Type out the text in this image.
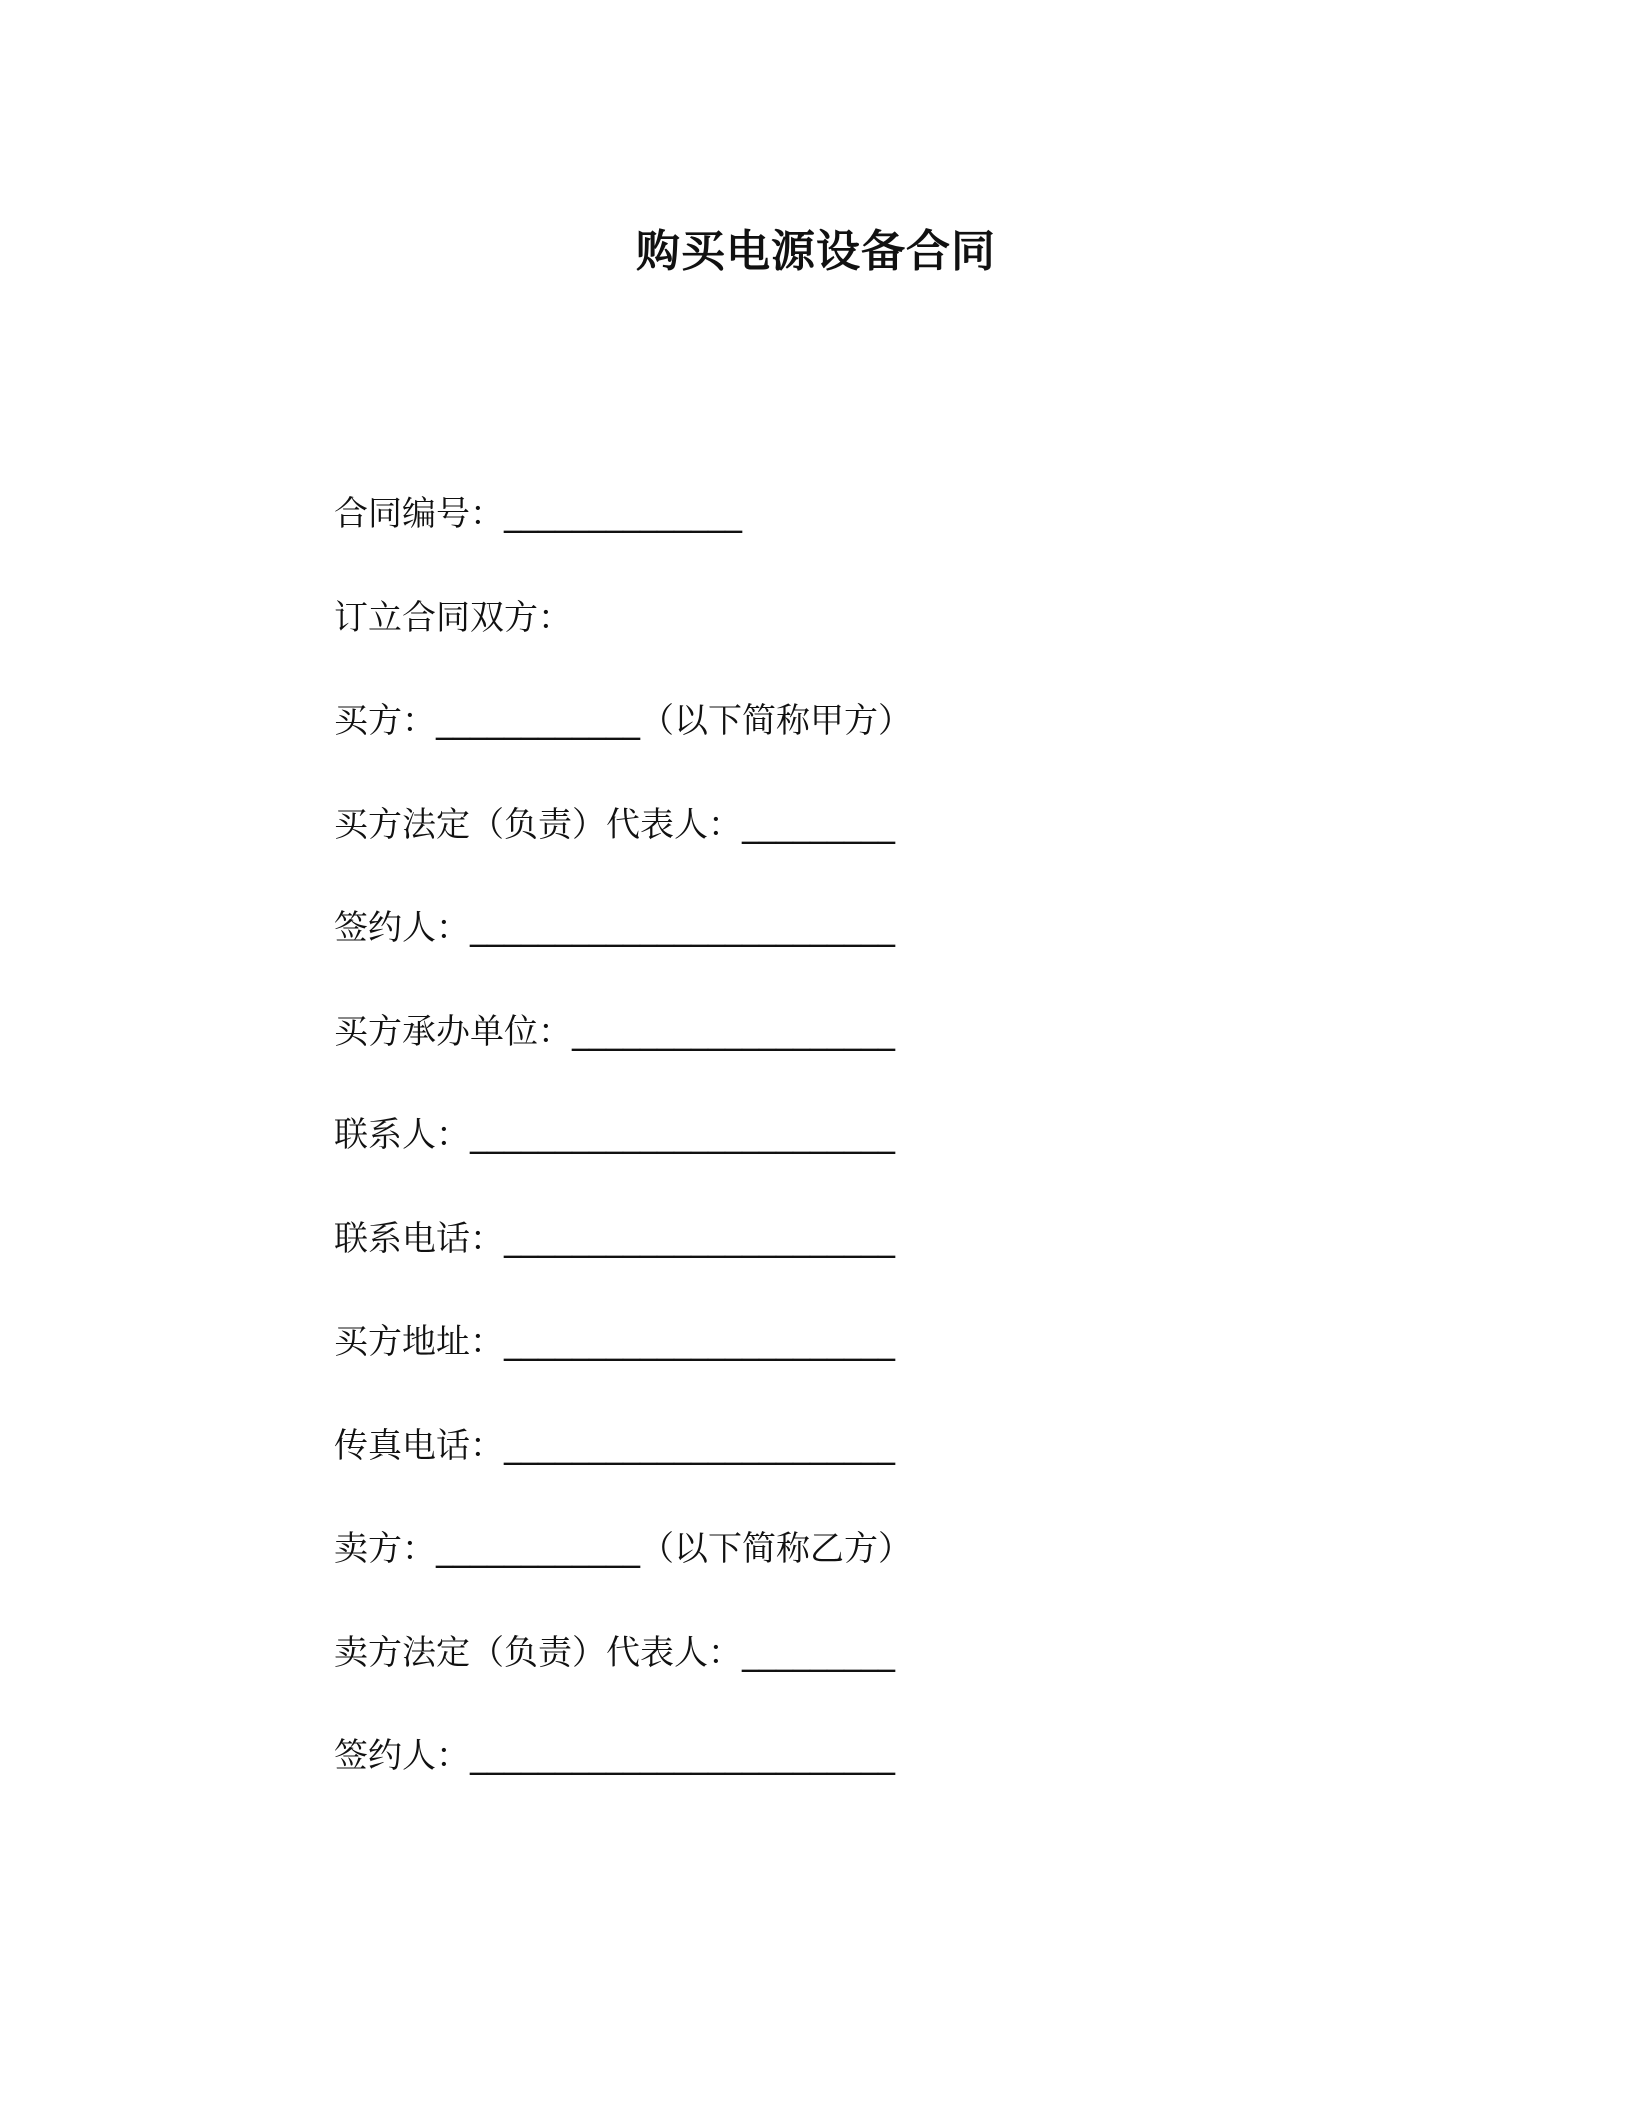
购买电源设备合同
合同编号：______________
订立合同双方：
买方：____________（以下简称甲方）
买方法定（负责）代表人：_________
签约人：_________________________
买方承办单位：___________________
联系人：_________________________
联系电话：_______________________
买方地址：_______________________
传真电话：_______________________
卖方：____________（以下简称乙方）
卖方法定（负责）代表人：_________
签约人：_________________________
